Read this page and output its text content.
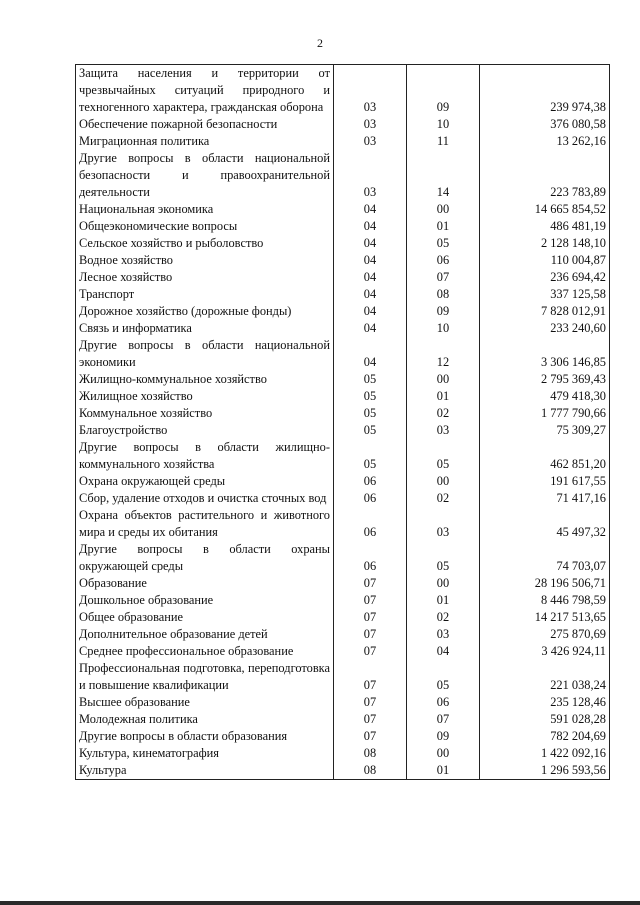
2
Защита населения и территории от чрезвычайных ситуаций природного и техногенного характера, гражданская оборона	03	09	239 974,38
Обеспечение пожарной безопасности	03	10	376 080,58
Миграционная политика	03	11	13 262,16
Другие вопросы в области национальной безопасности и правоохранительной деятельности	03	14	223 783,89
Национальная экономика	04	00	14 665 854,52
Общеэкономические вопросы	04	01	486 481,19
Сельское хозяйство и рыболовство	04	05	2 128 148,10
Водное хозяйство	04	06	110 004,87
Лесное хозяйство	04	07	236 694,42
Транспорт	04	08	337 125,58
Дорожное хозяйство (дорожные фонды)	04	09	7 828 012,91
Связь и информатика	04	10	233 240,60
Другие вопросы в области национальной экономики	04	12	3 306 146,85
Жилищно-коммунальное хозяйство	05	00	2 795 369,43
Жилищное хозяйство	05	01	479 418,30
Коммунальное хозяйство	05	02	1 777 790,66
Благоустройство	05	03	75 309,27
Другие вопросы в области жилищно-коммунального хозяйства	05	05	462 851,20
Охрана окружающей среды	06	00	191 617,55
Сбор, удаление отходов и очистка сточных вод	06	02	71 417,16
Охрана объектов растительного и животного мира и среды их обитания	06	03	45 497,32
Другие вопросы в области охраны окружающей среды	06	05	74 703,07
Образование	07	00	28 196 506,71
Дошкольное образование	07	01	8 446 798,59
Общее образование	07	02	14 217 513,65
Дополнительное образование детей	07	03	275 870,69
Среднее профессиональное образование	07	04	3 426 924,11
Профессиональная подготовка, переподготовка и повышение квалификации	07	05	221 038,24
Высшее образование	07	06	235 128,46
Молодежная политика	07	07	591 028,28
Другие вопросы в области образования	07	09	782 204,69
Культура, кинематография	08	00	1 422 092,16
Культура	08	01	1 296 593,56
